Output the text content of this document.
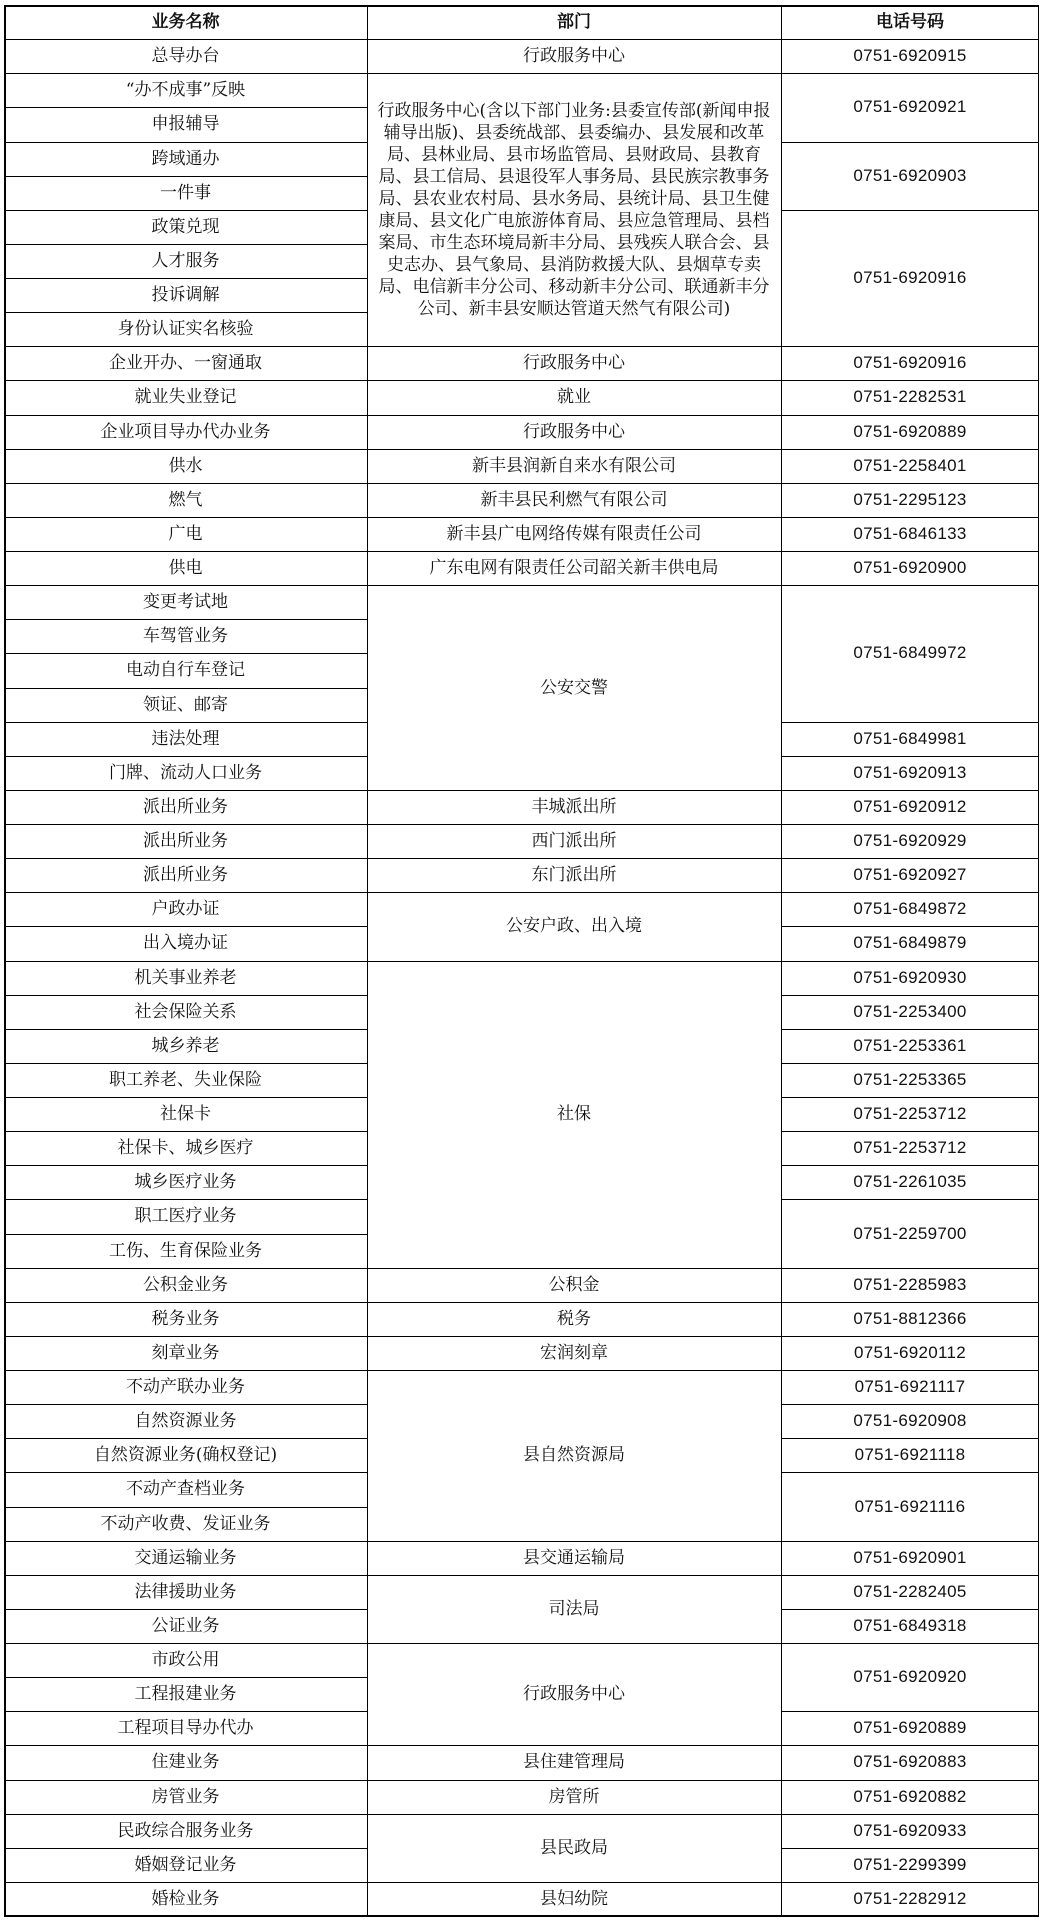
业务名称	部门	电话号码
总导办台
“办不成事”反映
申报辅导
跨域通办
一件事
政策兑现
人才服务
投诉调解
身份认证实名核验
企业开办、一窗通取
就业失业登记
企业项目导办代办业务
供水
燃气
广电
供电
变更考试地
车驾管业务
电动自行车登记
领证、邮寄
违法处理
门牌、流动人口业务
派出所业务
派出所业务
派出所业务
户政办证
出入境办证
机关事业养老
社会保险关系
城乡养老
职工养老、失业保险
社保卡
社保卡、城乡医疗
城乡医疗业务
职工医疗业务
工伤、生育保险业务
公积金业务
税务业务
刻章业务
不动产联办业务
自然资源业务
自然资源业务(确权登记)
不动产查档业务
不动产收费、发证业务
交通运输业务
法律援助业务
公证业务
市政公用
工程报建业务
工程项目导办代办
住建业务
房管业务
民政综合服务业务
婚姻登记业务
婚检业务
行政服务中心
行政服务中心(含以下部门业务:县委宣传部(新闻申报辅导出版)、县委统战部、县委编办、县发展和改革局、县林业局、县市场监管局、县财政局、县教育局、县工信局、县退役军人事务局、县民族宗教事务局、县农业农村局、县水务局、县统计局、县卫生健康局、县文化广电旅游体育局、县应急管理局、县档案局、市生态环境局新丰分局、县残疾人联合会、县史志办、县气象局、县消防救援大队、县烟草专卖局、电信新丰分公司、移动新丰分公司、联通新丰分公司、新丰县安顺达管道天然气有限公司)
行政服务中心
就业
行政服务中心
新丰县润新自来水有限公司
新丰县民利燃气有限公司
新丰县广电网络传媒有限责任公司
广东电网有限责任公司韶关新丰供电局
公安交警
丰城派出所
西门派出所
东门派出所
公安户政、出入境
社保
公积金
税务
宏润刻章
县自然资源局
县交通运输局
司法局
行政服务中心
县住建管理局
房管所
县民政局
县妇幼院
0751-6920915
0751-6920921
0751-6920903
0751-6920916
0751-6920916
0751-2282531
0751-6920889
0751-2258401
0751-2295123
0751-6846133
0751-6920900
0751-6849972
0751-6849981
0751-6920913
0751-6920912
0751-6920929
0751-6920927
0751-6849872
0751-6849879
0751-6920930
0751-2253400
0751-2253361
0751-2253365
0751-2253712
0751-2253712
0751-2261035
0751-2259700
0751-2285983
0751-8812366
0751-6920112
0751-6921117
0751-6920908
0751-6921118
0751-6921116
0751-6920901
0751-2282405
0751-6849318
0751-6920920
0751-6920889
0751-6920883
0751-6920882
0751-6920933
0751-2299399
0751-2282912
